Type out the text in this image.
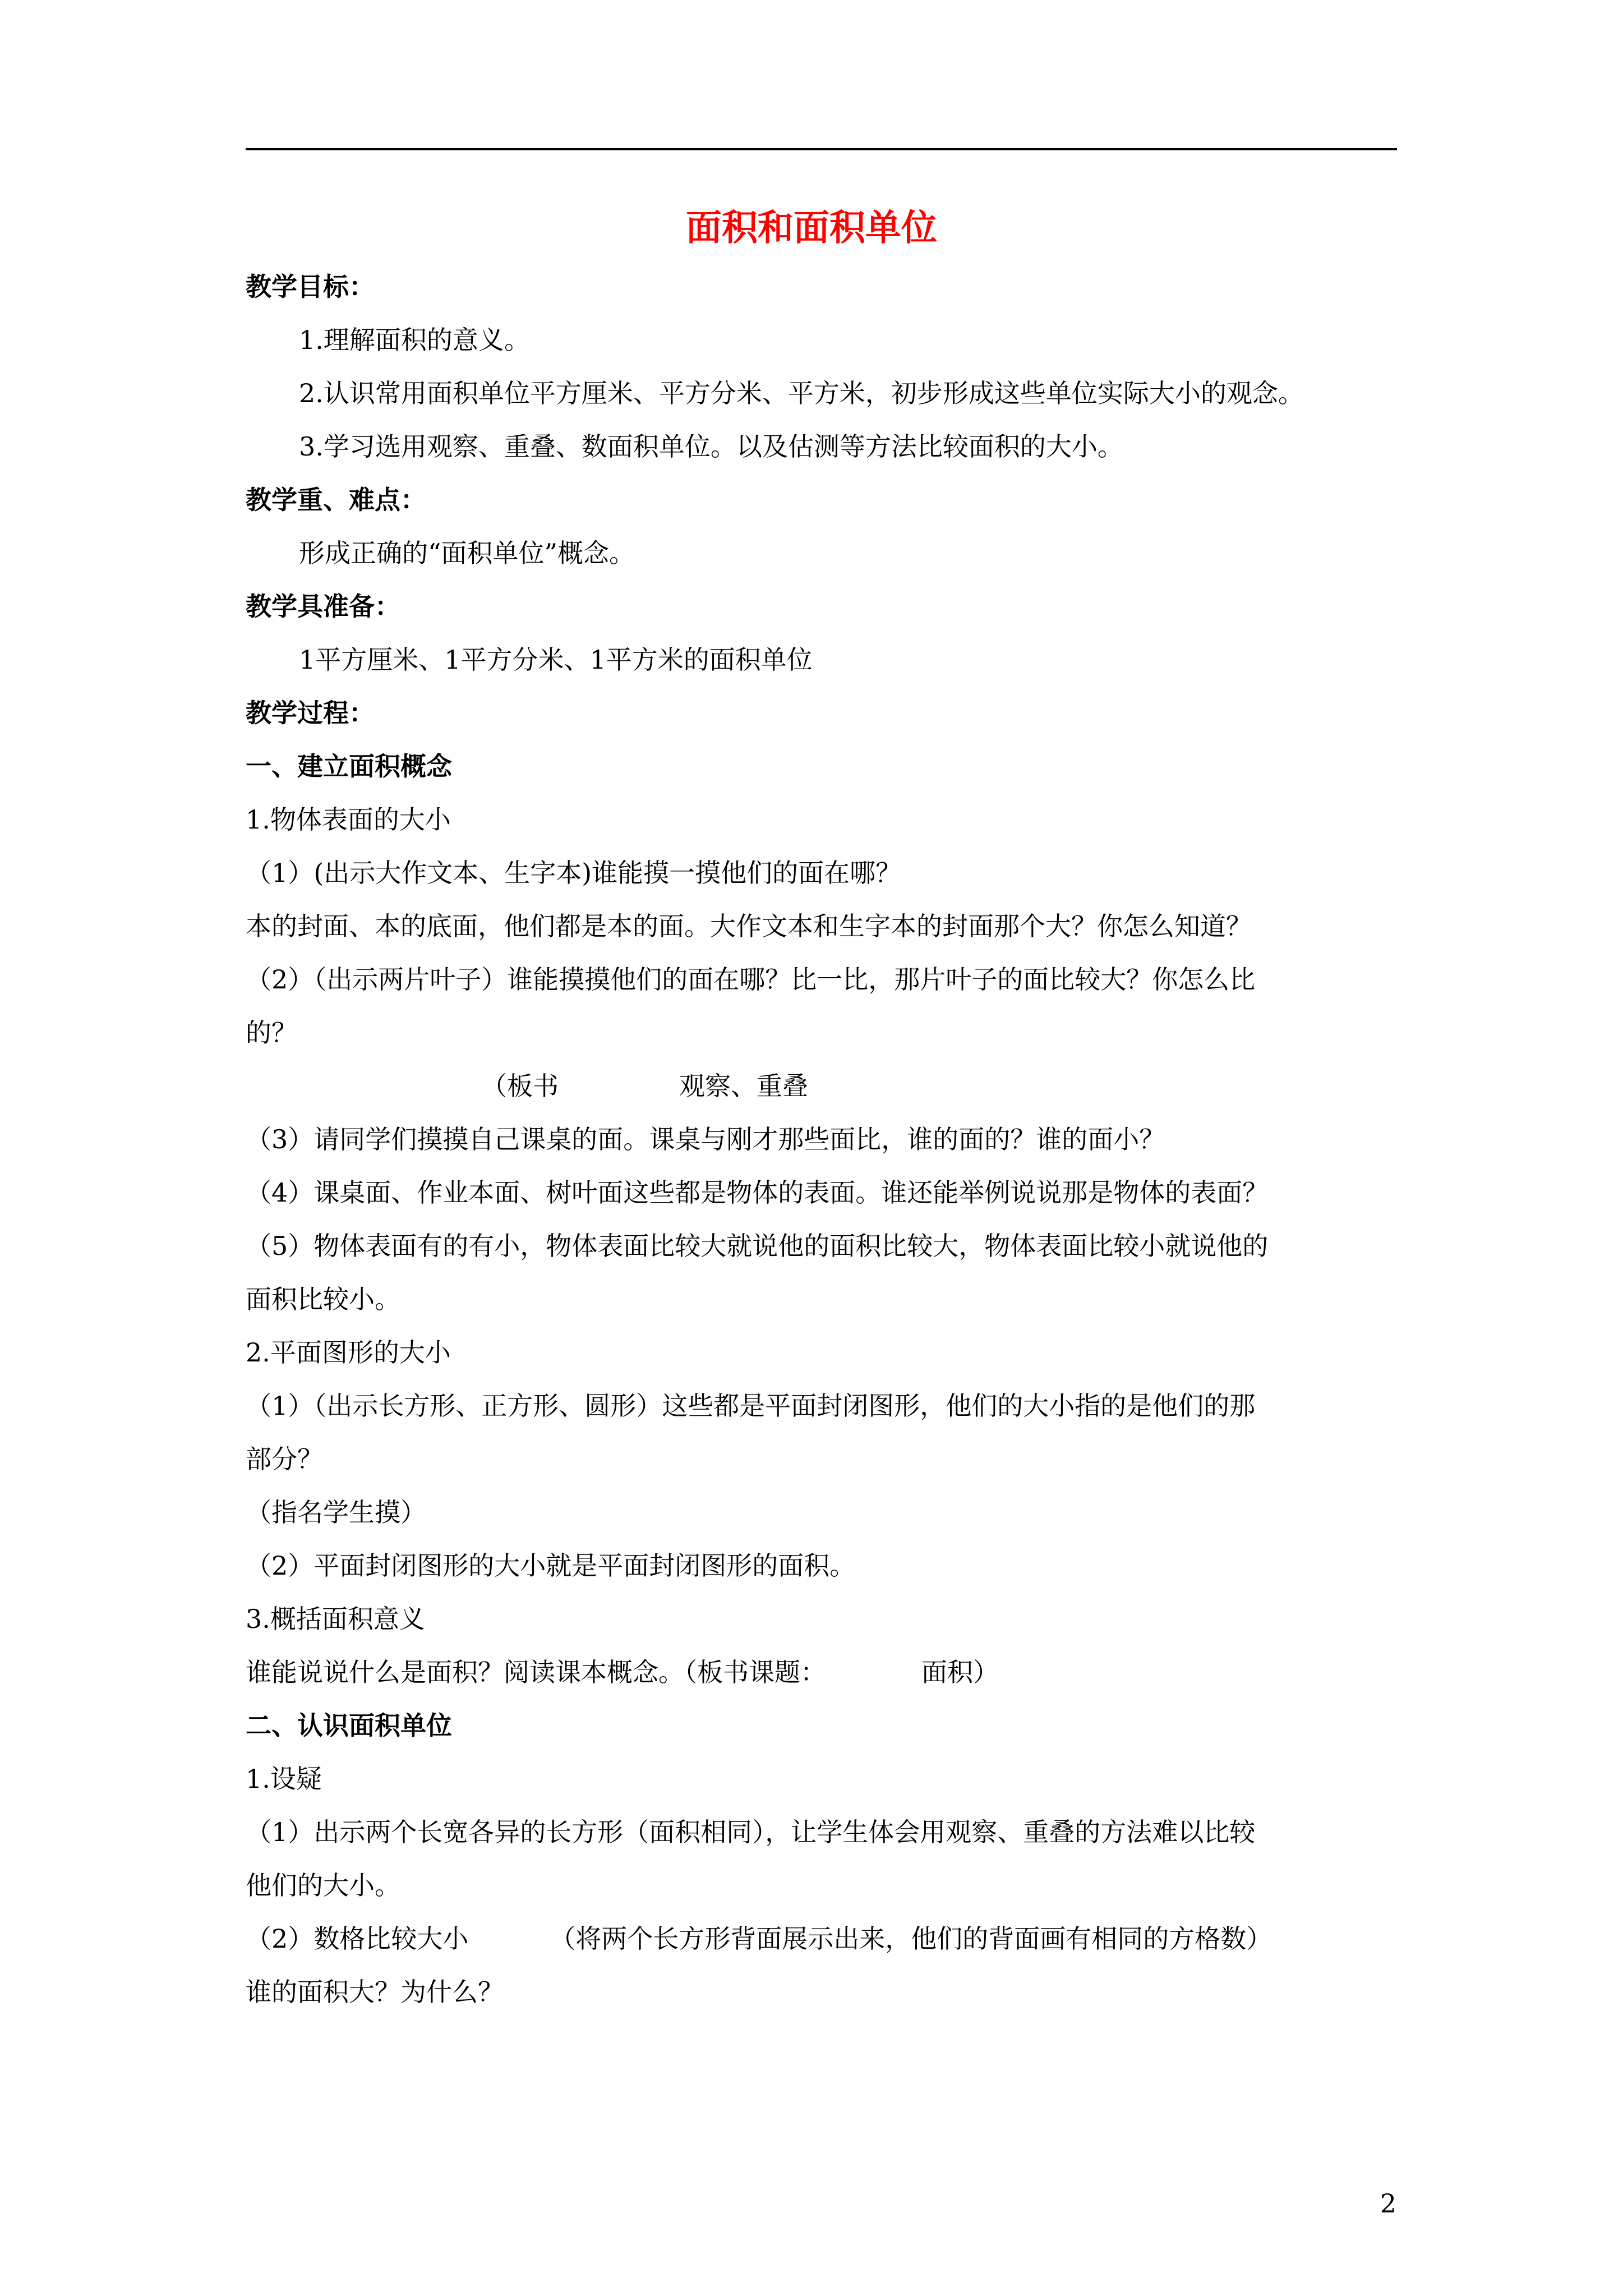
面积和面积单位
教学目标：
1.理解面积的意义。
2.认识常用面积单位平方厘米、平方分米、平方米，初步形成这些单位实际大小的观念。
3.学习选用观察、重叠、数面积单位。以及估测等方法比较面积的大小。
教学重、难点：
形成正确的“面积单位”概念。
教学具准备：
1平方厘米、1平方分米、1平方米的面积单位
教学过程：
一、建立面积概念
1.物体表面的大小
（1）(出示大作文本、生字本)谁能摸一摸他们的面在哪？
本的封面、本的底面，他们都是本的面。大作文本和生字本的封面那个大？你怎么知道？
（2）（出示两片叶子）谁能摸摸他们的面在哪？比一比，那片叶子的面比较大？你怎么比
的？
（板书	观察、重叠
（3）请同学们摸摸自己课桌的面。课桌与刚才那些面比，谁的面的？谁的面小？
（4）课桌面、作业本面、树叶面这些都是物体的表面。谁还能举例说说那是物体的表面？
（5）物体表面有的有小，物体表面比较大就说他的面积比较大，物体表面比较小就说他的
面积比较小。
2.平面图形的大小
（1）（出示长方形、正方形、圆形）这些都是平面封闭图形，他们的大小指的是他们的那
部分？
（指名学生摸）
（2）平面封闭图形的大小就是平面封闭图形的面积。
3.概括面积意义
谁能说说什么是面积？阅读课本概念。（板书课题：	面积）
二、认识面积单位
1.设疑
（1）出示两个长宽各异的长方形（面积相同），让学生体会用观察、重叠的方法难以比较
他们的大小。
（2）数格比较大小	（将两个长方形背面展示出来，他们的背面画有相同的方格数）
谁的面积大？为什么？
2
